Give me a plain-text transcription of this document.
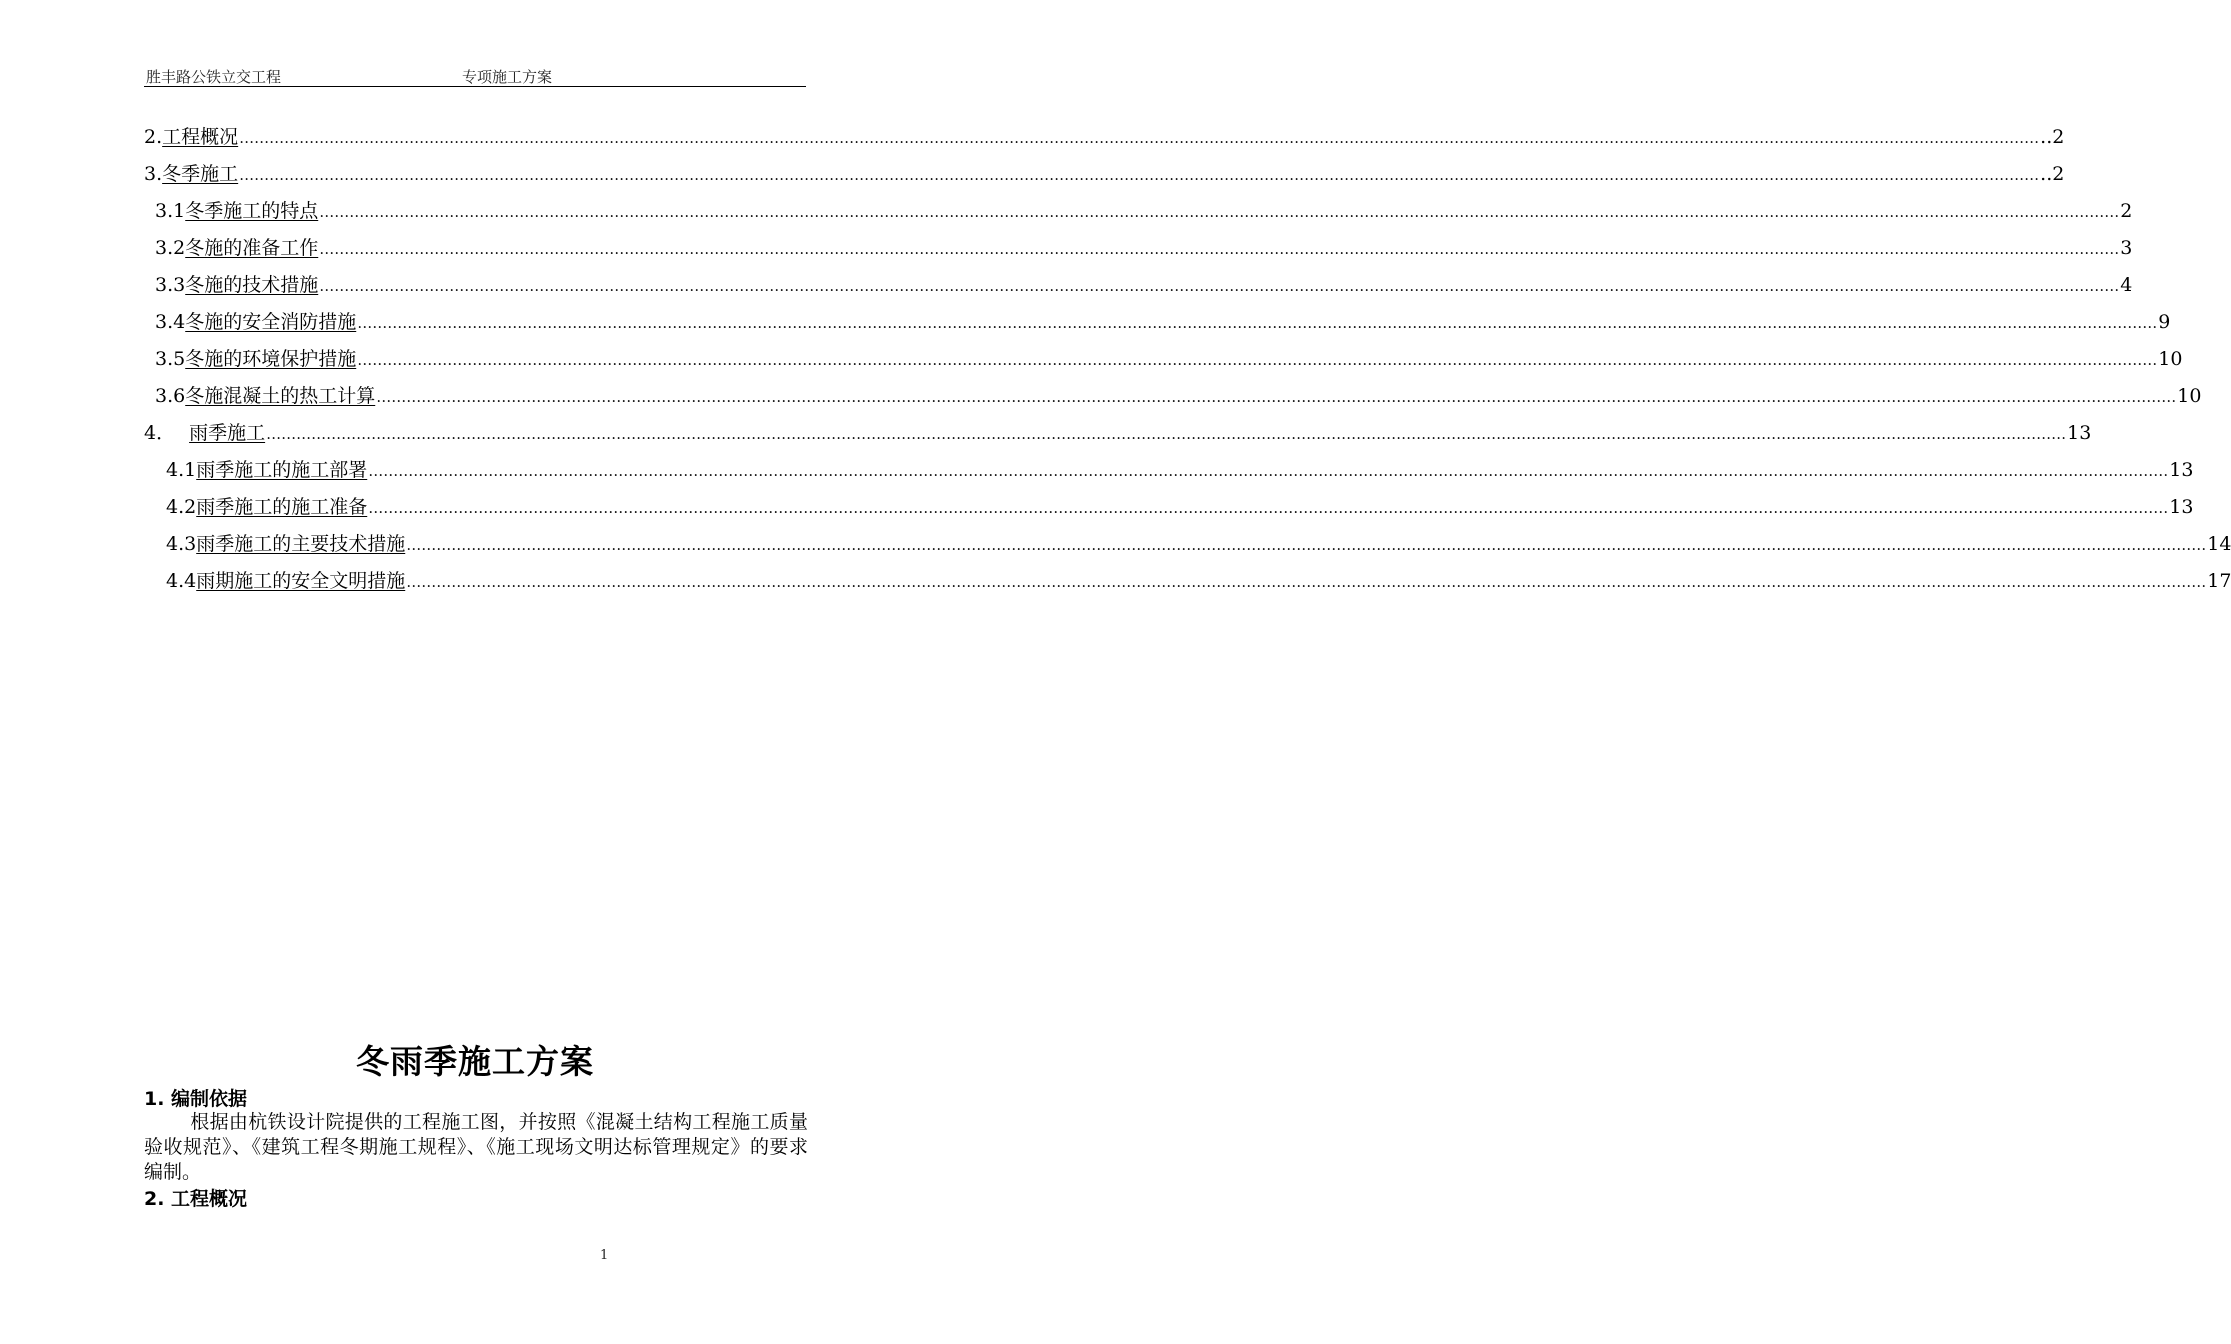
胜丰路公铁立交工程	专项施工方案
2. 工程概况 ……………………………………………………………………………………………………………………………………………………………………………………………………………………………………………………………………………………………………………………………… ..2
3. 冬季施工 ……………………………………………………………………………………………………………………………………………………………………………………………………………………………………………………………………………………………………………………………… ..2
3.1 冬季施工的特点 ……………………………………………………………………………………………………………………………………………………………………………………………………………………………………………………………………………………………………………………………… 2
3.2 冬施的准备工作 ……………………………………………………………………………………………………………………………………………………………………………………………………………………………………………………………………………………………………………………………… 3
3.3 冬施的技术措施 ……………………………………………………………………………………………………………………………………………………………………………………………………………………………………………………………………………………………………………………………… 4
3.4 冬施的安全消防措施 ……………………………………………………………………………………………………………………………………………………………………………………………………………………………………………………………………………………………………………………………… 9
3.5 冬施的环境保护措施 ……………………………………………………………………………………………………………………………………………………………………………………………………………………………………………………………………………………………………………………………… 10
3.6 冬施混凝土的热工计算 ……………………………………………………………………………………………………………………………………………………………………………………………………………………………………………………………………………………………………………………………… 10
4． 雨季施工 ……………………………………………………………………………………………………………………………………………………………………………………………………………………………………………………………………………………………………………………………… 13
4.1 雨季施工的施工部署 ……………………………………………………………………………………………………………………………………………………………………………………………………………………………………………………………………………………………………………………………… 13
4.2 雨季施工的施工准备 ……………………………………………………………………………………………………………………………………………………………………………………………………………………………………………………………………………………………………………………………… 13
4.3 雨季施工的主要技术措施 ……………………………………………………………………………………………………………………………………………………………………………………………………………………………………………………………………………………………………………………………… 14
4.4 雨期施工的安全文明措施 ……………………………………………………………………………………………………………………………………………………………………………………………………………………………………………………………………………………………………………………………… 17
冬雨季施工方案
1. 编制依据
根据由杭铁设计院提供的工程施工图，并按照《混凝土结构工程施工质量验收规范》、《建筑工程冬期施工规程》、《施工现场文明达标管理规定》的要求编制。
2. 工程概况
1
